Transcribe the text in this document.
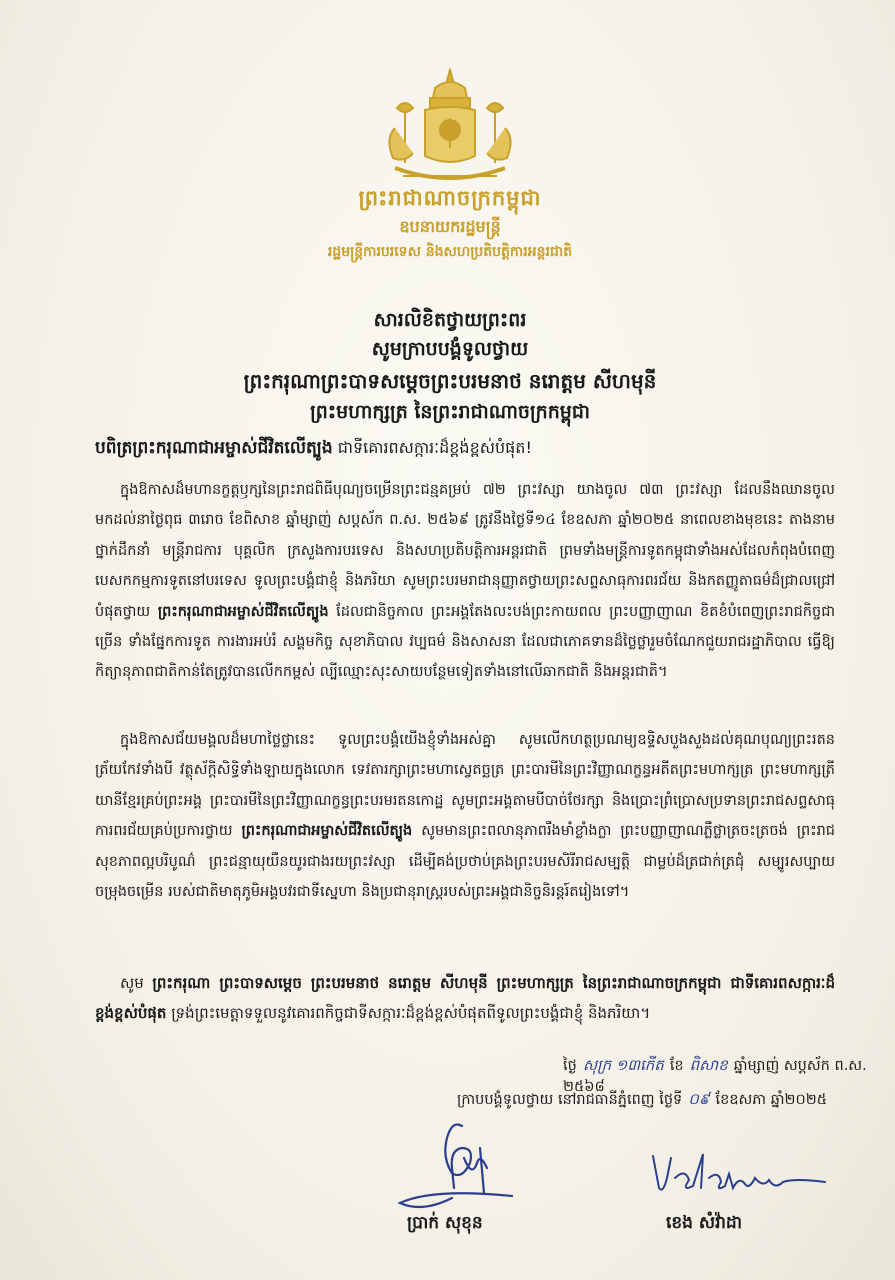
ព្រះរាជាណាចក្រកម្ពុជា
ឧបនាយករដ្ឋមន្ត្រី
រដ្ឋមន្ត្រីការបរទេស និងសហប្រតិបត្តិការអន្តរជាតិ
សារលិខិតថ្វាយព្រះពរ
សូមក្រាបបង្គំទូលថ្វាយ
ព្រះករុណាព្រះបាទសម្តេចព្រះបរមនាថ នរោត្តម សីហមុនី
ព្រះមហាក្សត្រ នៃព្រះរាជាណាចក្រកម្ពុជា
បពិត្រព្រះករុណាជាអម្ចាស់ជីវិតលើត្បូង ជាទីគោរពសក្ការៈដ៏ខ្ពង់ខ្ពស់បំផុត!
ក្នុងឱកាសដ៏មហានក្ខត្តឫក្សនៃព្រះរាជពិធីបុណ្យចម្រើនព្រះជន្មគម្រប់ ៧២ ព្រះវស្សា យាងចូល ៧៣ ព្រះវស្សា ដែលនឹងឈានចូលមកដល់នាថ្ងៃពុធ ៣រោច ខែពិសាខ ឆ្នាំម្សាញ់ សប្តស័ក ព.ស. ២៥៦៩ ត្រូវនឹងថ្ងៃទី១៤ ខែឧសភា ឆ្នាំ២០២៥ នាពេលខាងមុខនេះ តាងនាមថ្នាក់ដឹកនាំ មន្ត្រីរាជការ បុគ្គលិក ក្រសួងការបរទេស និងសហប្រតិបត្តិការអន្តរជាតិ ព្រមទាំងមន្ត្រីការទូតកម្ពុជាទាំងអស់ដែលកំពុងបំពេញបេសកកម្មការទូតនៅបរទេស ទូលព្រះបង្គំជាខ្ញុំ និងភរិយា សូមព្រះបរមរាជានុញ្ញាតថ្វាយព្រះសព្ទសាធុការពរជ័យ និងកតញ្ញូតាធម៌ដ៏ជ្រាលជ្រៅបំផុតថ្វាយ ព្រះករុណាជាអម្ចាស់ជីវិតលើត្បូង ដែលជានិច្ចកាល ព្រះអង្គតែងលះបង់ព្រះកាយពល ព្រះបញ្ញាញាណ ខិតខំបំពេញព្រះរាជកិច្ចជាច្រើន ទាំងផ្នែកការទូត ការងារអប់រំ សង្គមកិច្ច សុខាភិបាល វប្បធម៌ និងសាសនា ដែលជាភោគទានដ៏ថ្លៃថ្លារួមចំណែកជួយរាជរដ្ឋាភិបាល ធ្វើឱ្យកិត្យានុភាពជាតិកាន់តែត្រូវបានលើកកម្ពស់ ល្បីឈ្មោះសុះសាយបន្ថែមទៀតទាំងនៅលើឆាកជាតិ និងអន្តរជាតិ។
ក្នុងឱកាសជ័យមង្គលដ៏មហាថ្លៃថ្លានេះ ទូលព្រះបង្គំយើងខ្ញុំទាំងអស់គ្នា សូមលើកហត្ថប្រណម្យឧទ្ទិសបួងសួងដល់គុណបុណ្យព្រះរតនត្រ័យកែវទាំងបី វត្ថុស័ក្តិសិទ្ធិទាំងឡាយក្នុងលោក ទេវតារក្សាព្រះមហាស្វេតច្ឆត្រ ព្រះបារមីនៃព្រះវិញ្ញាណក្ខន្ធអតីតព្រះមហាក្សត្រ ព្រះមហាក្សត្រីយានីខ្មែរគ្រប់ព្រះអង្គ ព្រះបារមីនៃព្រះវិញ្ញាណក្ខន្ធព្រះបរមរតនកោដ្ឋ សូមព្រះអង្គតាមបីបាច់ថែរក្សា និងប្រោះព្រំប្រោសប្រទានព្រះរាជសព្ទសាធុការពរជ័យគ្រប់ប្រការថ្វាយ ព្រះករុណាជាអម្ចាស់ជីវិតលើត្បូង សូមមានព្រះពលានុភាពរឹងមាំខ្លាំងក្លា ព្រះបញ្ញាញាណភ្លឺថ្លាត្រចះត្រចង់ ព្រះរាជសុខភាពល្អបរិបូណ៌ ព្រះជន្មាយុយឺនយូរជាងរយព្រះវស្សា ដើម្បីគង់ប្រថាប់គ្រងព្រះបរមសិរីរាជសម្បត្តិ ជាម្លប់ដ៏ត្រជាក់ត្រជុំ សម្បូរសប្បាយ ចម្រុងចម្រើន របស់ជាតិមាតុភូមិអង្គបវរជាទីស្នេហា និងប្រជានុរាស្ត្ររបស់ព្រះអង្គជានិច្ចនិរន្តរ៍តរៀងទៅ។
សូម ព្រះករុណា ព្រះបាទសម្តេច ព្រះបរមនាថ នរោត្តម សីហមុនី ព្រះមហាក្សត្រ នៃព្រះរាជាណាចក្រកម្ពុជា ជាទីគោរពសក្ការៈដ៏ខ្ពង់ខ្ពស់បំផុត ទ្រង់ព្រះមេត្តាទទួលនូវគោរពកិច្ចជាទីសក្ការៈដ៏ខ្ពង់ខ្ពស់បំផុតពីទូលព្រះបង្គំជាខ្ញុំ និងភរិយា។
ថ្ងៃ សុក្រ ១៣កើត ខែ ពិសាខ ឆ្នាំម្សាញ់ សប្តស័ក ព.ស. ២៥៦៨
ក្រាបបង្គំទូលថ្វាយ នៅរាជធានីភ្នំពេញ ថ្ងៃទី ០៩ ខែឧសភា ឆ្នាំ២០២៥
ប្រាក់ សុខុន	ខេង សំវ៉ាដា
